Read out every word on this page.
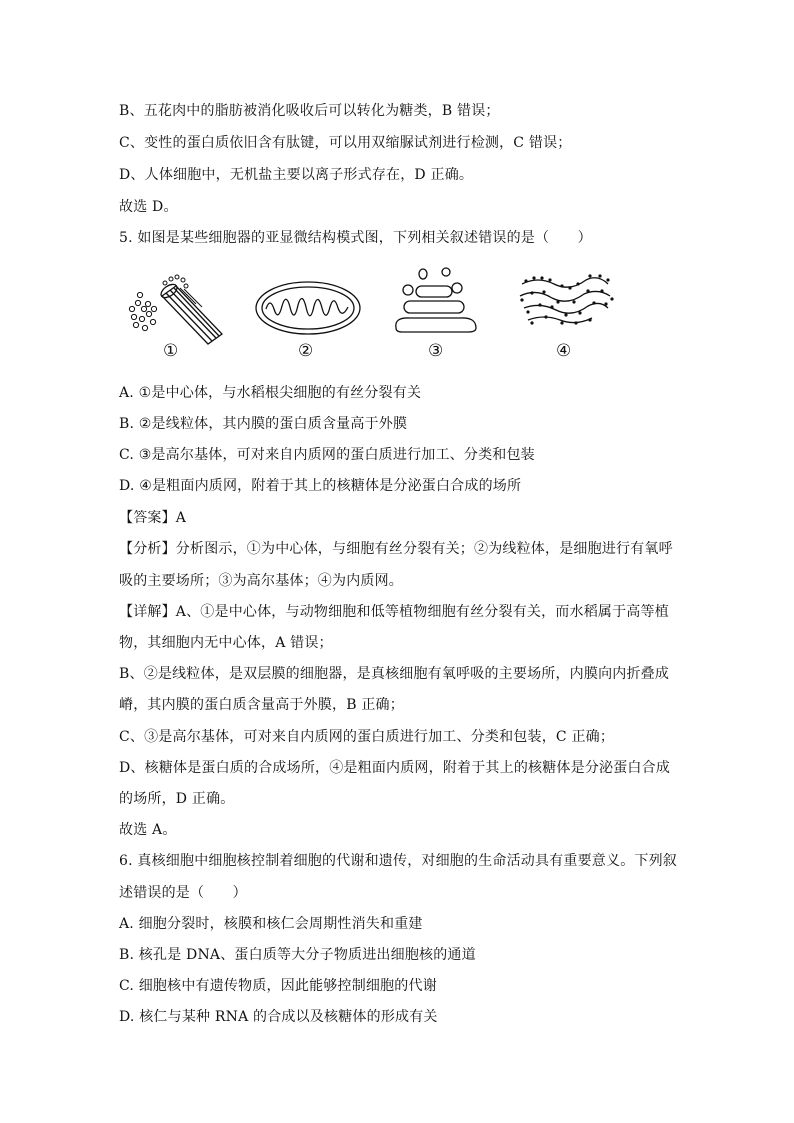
B、五花肉中的脂肪被消化吸收后可以转化为糖类，B 错误；
C、变性的蛋白质依旧含有肽键，可以用双缩脲试剂进行检测，C 错误；
D、人体细胞中，无机盐主要以离子形式存在，D 正确。
故选 D。
5. 如图是某些细胞器的亚显微结构模式图，下列相关叙述错误的是（　　）
①	②	③	④
A. ①是中心体，与水稻根尖细胞的有丝分裂有关
B. ②是线粒体，其内膜的蛋白质含量高于外膜
C. ③是高尔基体，可对来自内质网的蛋白质进行加工、分类和包装
D. ④是粗面内质网，附着于其上的核糖体是分泌蛋白合成的场所
【答案】A
【分析】分析图示，①为中心体，与细胞有丝分裂有关；②为线粒体，是细胞进行有氧呼
吸的主要场所；③为高尔基体；④为内质网。
【详解】A、①是中心体，与动物细胞和低等植物细胞有丝分裂有关，而水稻属于高等植
物，其细胞内无中心体，A 错误；
B、②是线粒体，是双层膜的细胞器，是真核细胞有氧呼吸的主要场所，内膜向内折叠成
嵴，其内膜的蛋白质含量高于外膜，B 正确；
C、③是高尔基体，可对来自内质网的蛋白质进行加工、分类和包装，C 正确；
D、核糖体是蛋白质的合成场所，④是粗面内质网，附着于其上的核糖体是分泌蛋白合成
的场所，D 正确。
故选 A。
6. 真核细胞中细胞核控制着细胞的代谢和遗传，对细胞的生命活动具有重要意义。下列叙
述错误的是（　　）
A. 细胞分裂时，核膜和核仁会周期性消失和重建
B. 核孔是 DNA、蛋白质等大分子物质进出细胞核的通道
C. 细胞核中有遗传物质，因此能够控制细胞的代谢
D. 核仁与某种 RNA 的合成以及核糖体的形成有关
